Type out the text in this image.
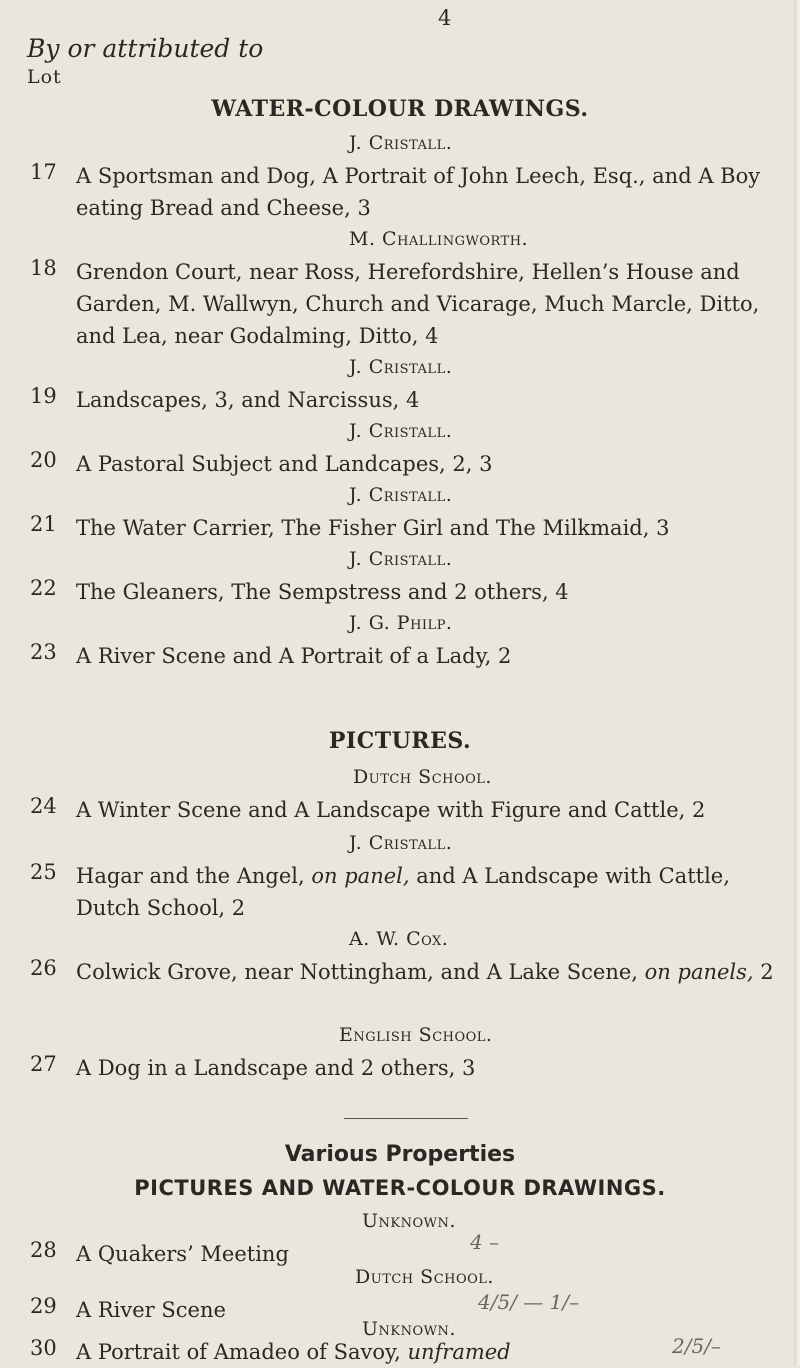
4
By or attributed to
Lot
WATER-COLOUR DRAWINGS.
J. Cristall.
17 A Sportsman and Dog, A Portrait of John Leech, Esq., and A Boy eating Bread and Cheese, 3
M. Challingworth.
18 Grendon Court, near Ross, Herefordshire, Hellen’s House and Garden, M. Wallwyn, Church and Vicarage, Much Marcle, Ditto, and Lea, near Godalming, Ditto, 4
J. Cristall.
19 Landscapes, 3, and Narcissus, 4
J. Cristall.
20 A Pastoral Subject and Landcapes, 2, 3
J. Cristall.
21 The Water Carrier, The Fisher Girl and The Milkmaid, 3
J. Cristall.
22 The Gleaners, The Sempstress and 2 others, 4
J. G. Philp.
23 A River Scene and A Portrait of a Lady, 2
PICTURES.
Dutch School.
24 A Winter Scene and A Landscape with Figure and Cattle, 2
J. Cristall.
25 Hagar and the Angel, on panel, and A Landscape with Cattle, Dutch School, 2
A. W. Cox.
26 Colwick Grove, near Nottingham, and A Lake Scene, on panels, 2
English School.
27 A Dog in a Landscape and 2 others, 3
Various Properties
PICTURES AND WATER-COLOUR DRAWINGS.
Unknown.
28 A Quakers’ Meeting	4 –
Dutch School.
29 A River Scene	4/5/ — 1/–
Unknown.
30 A Portrait of Amadeo of Savoy, unframed	2/5/–
